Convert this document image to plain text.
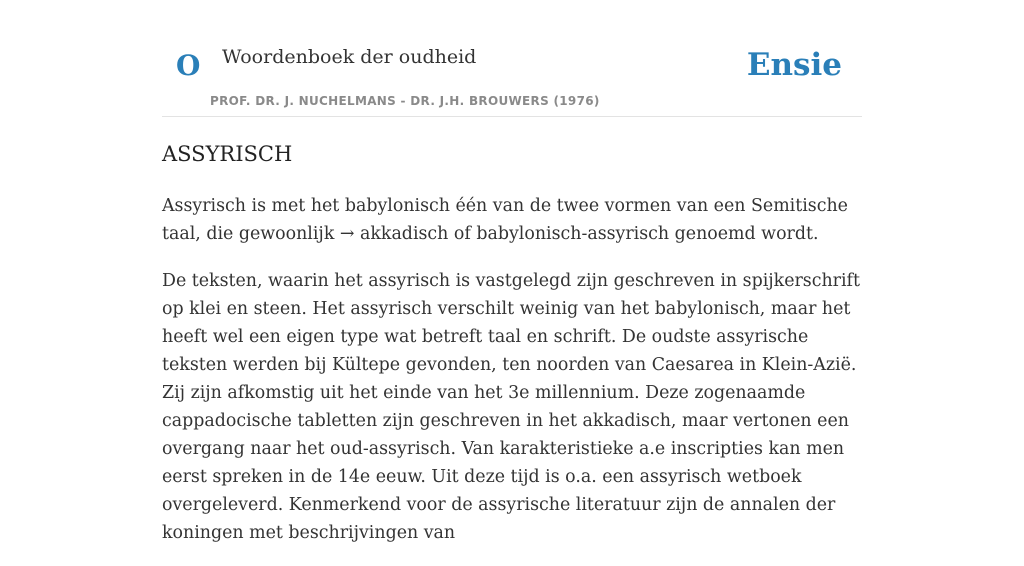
O Woordenboek der oudheid
PROF. DR. J. NUCHELMANS - DR. J.H. BROUWERS (1976)
Ensie
ASSYRISCH

Assyrisch is met het babylonisch één van de twee vormen van een Semitische taal, die gewoonlijk → akkadisch of babylonisch-assyrisch genoemd wordt.

De teksten, waarin het assyrisch is vastgelegd zijn geschreven in spijkerschrift op klei en steen. Het assyrisch verschilt weinig van het babylonisch, maar het heeft wel een eigen type wat betreft taal en schrift. De oudste assyrische teksten werden bij Kültepe gevonden, ten noorden van Caesarea in Klein-Azië. Zij zijn afkomstig uit het einde van het 3e millennium. Deze zogenaamde cappadocische tabletten zijn geschreven in het akkadisch, maar vertonen een overgang naar het oud-assyrisch. Van karakteristieke a.e inscripties kan men eerst spreken in de 14e eeuw. Uit deze tijd is o.a. een assyrisch wetboek overgeleverd. Kenmerkend voor de assyrische literatuur zijn de annalen der koningen met beschrijvingen van
